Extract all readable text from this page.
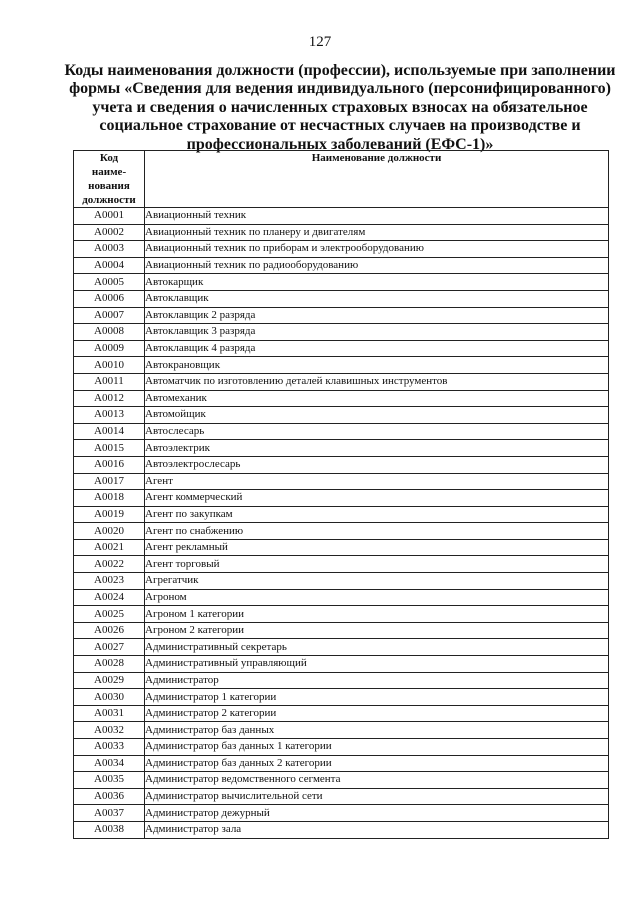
127
Коды наименования должности (профессии), используемые при заполнении
формы «Сведения для ведения индивидуального (персонифицированного)
учета и сведения о начисленных страховых взносах на обязательное
социальное страхование от несчастных случаев на производстве и
профессиональных заболеваний (ЕФС-1)»
Код
наиме-
нования
должности	Наименование должности
А0001	Авиационный техник
А0002	Авиационный техник по планеру и двигателям
А0003	Авиационный техник по приборам и электрооборудованию
А0004	Авиационный техник по радиооборудованию
А0005	Автокарщик
А0006	Автоклавщик
А0007	Автоклавщик 2 разряда
А0008	Автоклавщик 3 разряда
А0009	Автоклавщик 4 разряда
А0010	Автокрановщик
А0011	Автоматчик по изготовлению деталей клавишных инструментов
А0012	Автомеханик
А0013	Автомойщик
А0014	Автослесарь
А0015	Автоэлектрик
А0016	Автоэлектрослесарь
А0017	Агент
А0018	Агент коммерческий
А0019	Агент по закупкам
А0020	Агент по снабжению
А0021	Агент рекламный
А0022	Агент торговый
А0023	Агрегатчик
А0024	Агроном
А0025	Агроном 1 категории
А0026	Агроном 2 категории
А0027	Административный секретарь
А0028	Административный управляющий
А0029	Администратор
А0030	Администратор 1 категории
А0031	Администратор 2 категории
А0032	Администратор баз данных
А0033	Администратор баз данных 1 категории
А0034	Администратор баз данных 2 категории
А0035	Администратор ведомственного сегмента
А0036	Администратор вычислительной сети
А0037	Администратор дежурный
А0038	Администратор зала
